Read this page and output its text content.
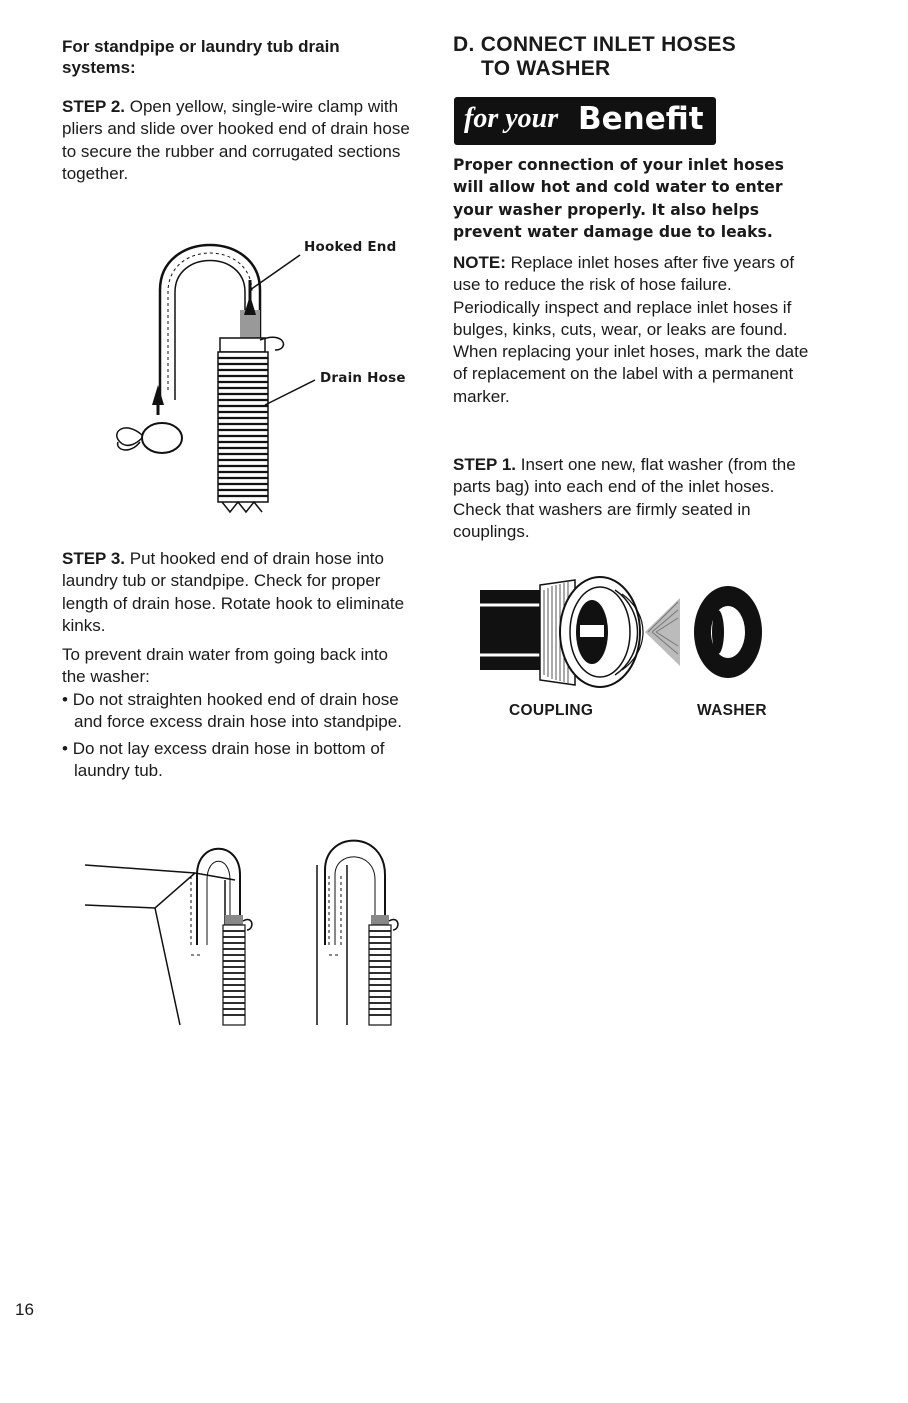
For standpipe or laundry tub drain systems:

STEP 2. Open yellow, single-wire clamp with pliers and slide over hooked end of drain hose to secure the rubber and corrugated sections together.

Hooked End
Drain Hose

STEP 3. Put hooked end of drain hose into laundry tub or standpipe. Check for proper length of drain hose. Rotate hook to eliminate kinks.

To prevent drain water from going back into the washer:

• Do not straighten hooked end of drain hose and force excess drain hose into standpipe.

• Do not lay excess drain hose in bottom of laundry tub.

D. CONNECT INLET HOSES
TO WASHER
for your Benefit

Proper connection of your inlet hoses will allow hot and cold water to enter your washer properly. It also helps prevent water damage due to leaks.

NOTE: Replace inlet hoses after five years of use to reduce the risk of hose failure. Periodically inspect and replace inlet hoses if bulges, kinks, cuts, wear, or leaks are found. When replacing your inlet hoses, mark the date of replacement on the label with a permanent marker.

STEP 1. Insert one new, flat washer (from the parts bag) into each end of the inlet hoses. Check that washers are firmly seated in couplings.

COUPLING	WASHER
16
